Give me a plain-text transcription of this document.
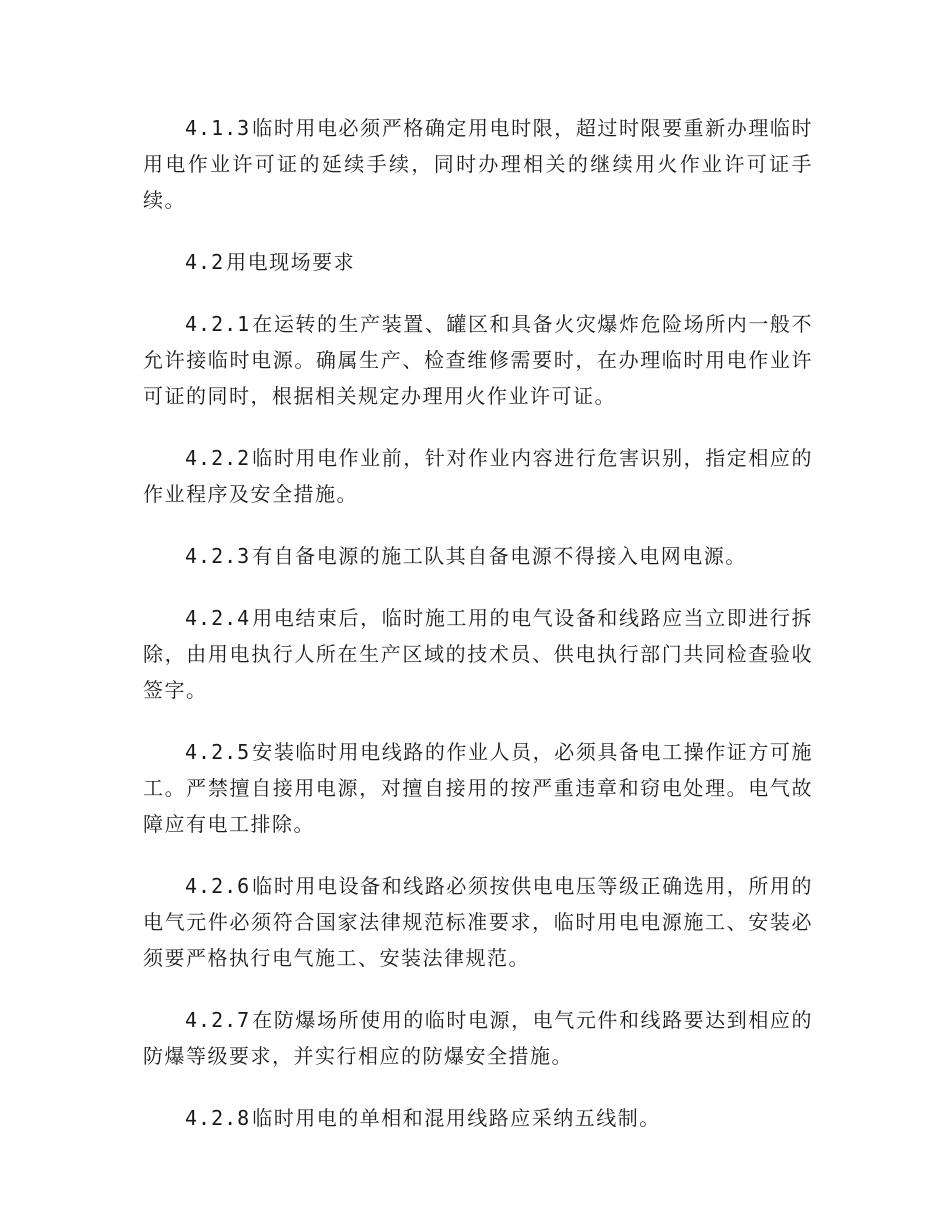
4.1.3 临时用电必须严格确定用电时限，超过时限要重新办理临时用电作业许可证的延续手续，同时办理相关的继续用火作业许可证手续。

4.2 用电现场要求

4.2.1 在运转的生产装置、罐区和具备火灾爆炸危险场所内一般不允许接临时电源。确属生产、检查维修需要时，在办理临时用电作业许可证的同时，根据相关规定办理用火作业许可证。

4.2.2 临时用电作业前，针对作业内容进行危害识别，指定相应的作业程序及安全措施。

4.2.3 有自备电源的施工队其自备电源不得接入电网电源。

4.2.4 用电结束后，临时施工用的电气设备和线路应当立即进行拆除，由用电执行人所在生产区域的技术员、供电执行部门共同检查验收签字。

4.2.5 安装临时用电线路的作业人员，必须具备电工操作证方可施工。严禁擅自接用电源，对擅自接用的按严重违章和窃电处理。电气故障应有电工排除。

4.2.6 临时用电设备和线路必须按供电电压等级正确选用，所用的电气元件必须符合国家法律规范标准要求，临时用电电源施工、安装必须要严格执行电气施工、安装法律规范。

4.2.7 在防爆场所使用的临时电源，电气元件和线路要达到相应的防爆等级要求，并实行相应的防爆安全措施。

4.2.8 临时用电的单相和混用线路应采纳五线制。
